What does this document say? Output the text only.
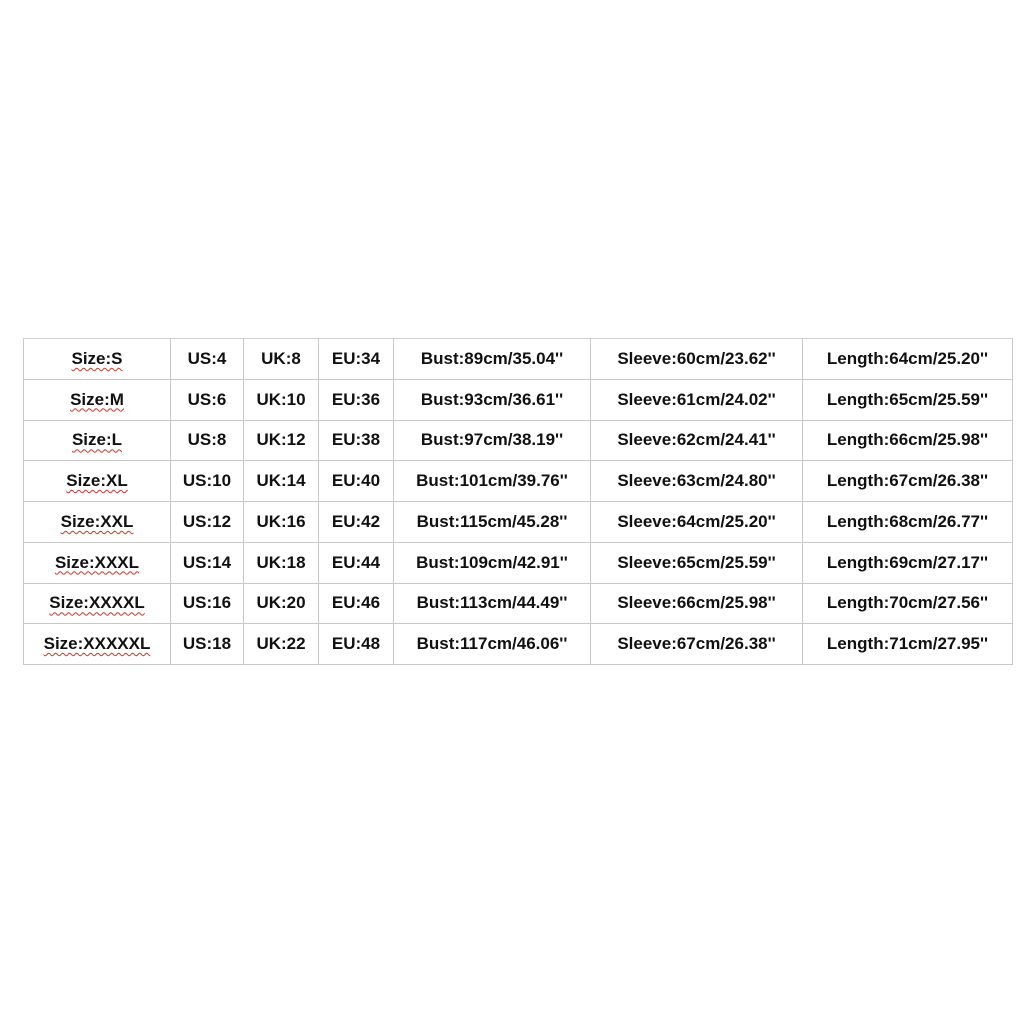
Size:S	US:4	UK:8	EU:34	Bust:89cm/35.04''	Sleeve:60cm/23.62''	Length:64cm/25.20''
Size:M	US:6	UK:10	EU:36	Bust:93cm/36.61''	Sleeve:61cm/24.02''	Length:65cm/25.59''
Size:L	US:8	UK:12	EU:38	Bust:97cm/38.19''	Sleeve:62cm/24.41''	Length:66cm/25.98''
Size:XL	US:10	UK:14	EU:40	Bust:101cm/39.76''	Sleeve:63cm/24.80''	Length:67cm/26.38''
Size:XXL	US:12	UK:16	EU:42	Bust:115cm/45.28''	Sleeve:64cm/25.20''	Length:68cm/26.77''
Size:XXXL	US:14	UK:18	EU:44	Bust:109cm/42.91''	Sleeve:65cm/25.59''	Length:69cm/27.17''
Size:XXXXL	US:16	UK:20	EU:46	Bust:113cm/44.49''	Sleeve:66cm/25.98''	Length:70cm/27.56''
Size:XXXXXL	US:18	UK:22	EU:48	Bust:117cm/46.06''	Sleeve:67cm/26.38''	Length:71cm/27.95''
